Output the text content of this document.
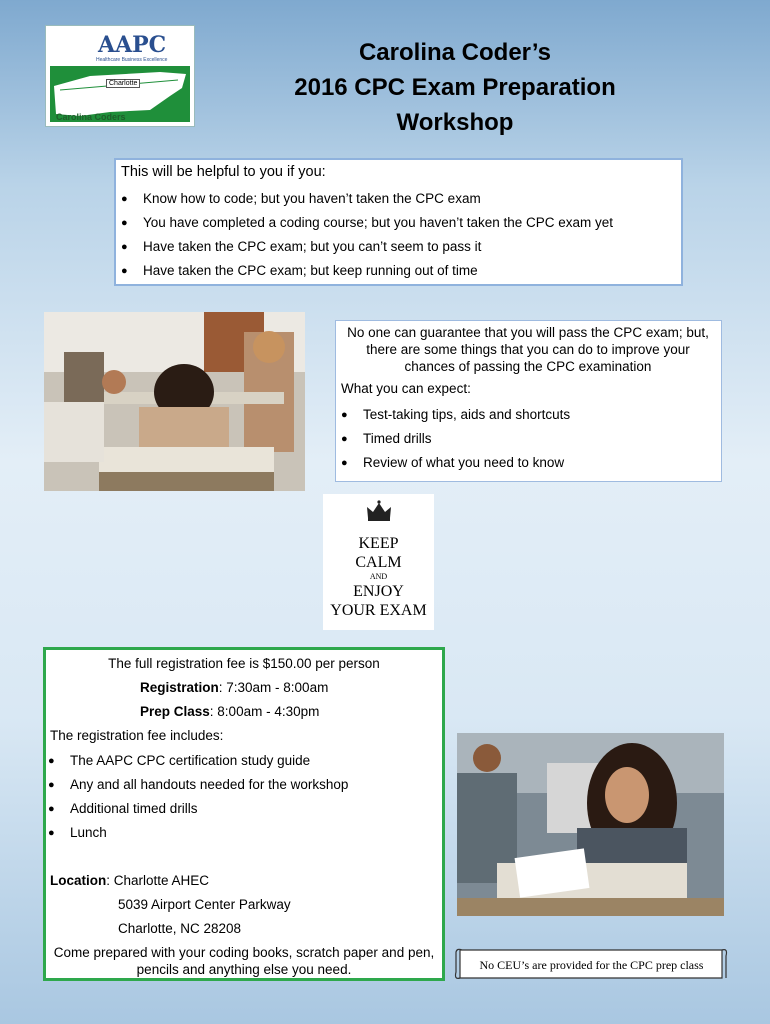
AAPC
Healthcare Business Excellence
Charlotte
Carolina Coders
Carolina Coder’s
2016 CPC Exam Preparation
Workshop
This will be helpful to you if you:
● Know how to code; but you haven’t taken the CPC exam
● You have completed a coding course; but you haven’t taken the CPC exam yet
● Have taken the CPC exam; but you can’t seem to pass it
● Have taken the CPC exam; but keep running out of time
No one can guarantee that you will pass the CPC exam; but, there are some things that you can do to improve your chances of passing the CPC examination
What you can expect:
● Test-taking tips, aids and shortcuts
● Timed drills
● Review of what you need to know
KEEP
CALM
AND
ENJOY
YOUR EXAM
The full registration fee is $150.00 per person
Registration: 7:30am - 8:00am
Prep Class: 8:00am - 4:30pm
The registration fee includes:
● The AAPC CPC certification study guide
● Any and all handouts needed for the workshop
● Additional timed drills
● Lunch
Location: Charlotte AHEC
5039 Airport Center Parkway
Charlotte, NC 28208
Come prepared with your coding books, scratch paper and pen, pencils and anything else you need.	No CEU’s are provided for the CPC prep class
